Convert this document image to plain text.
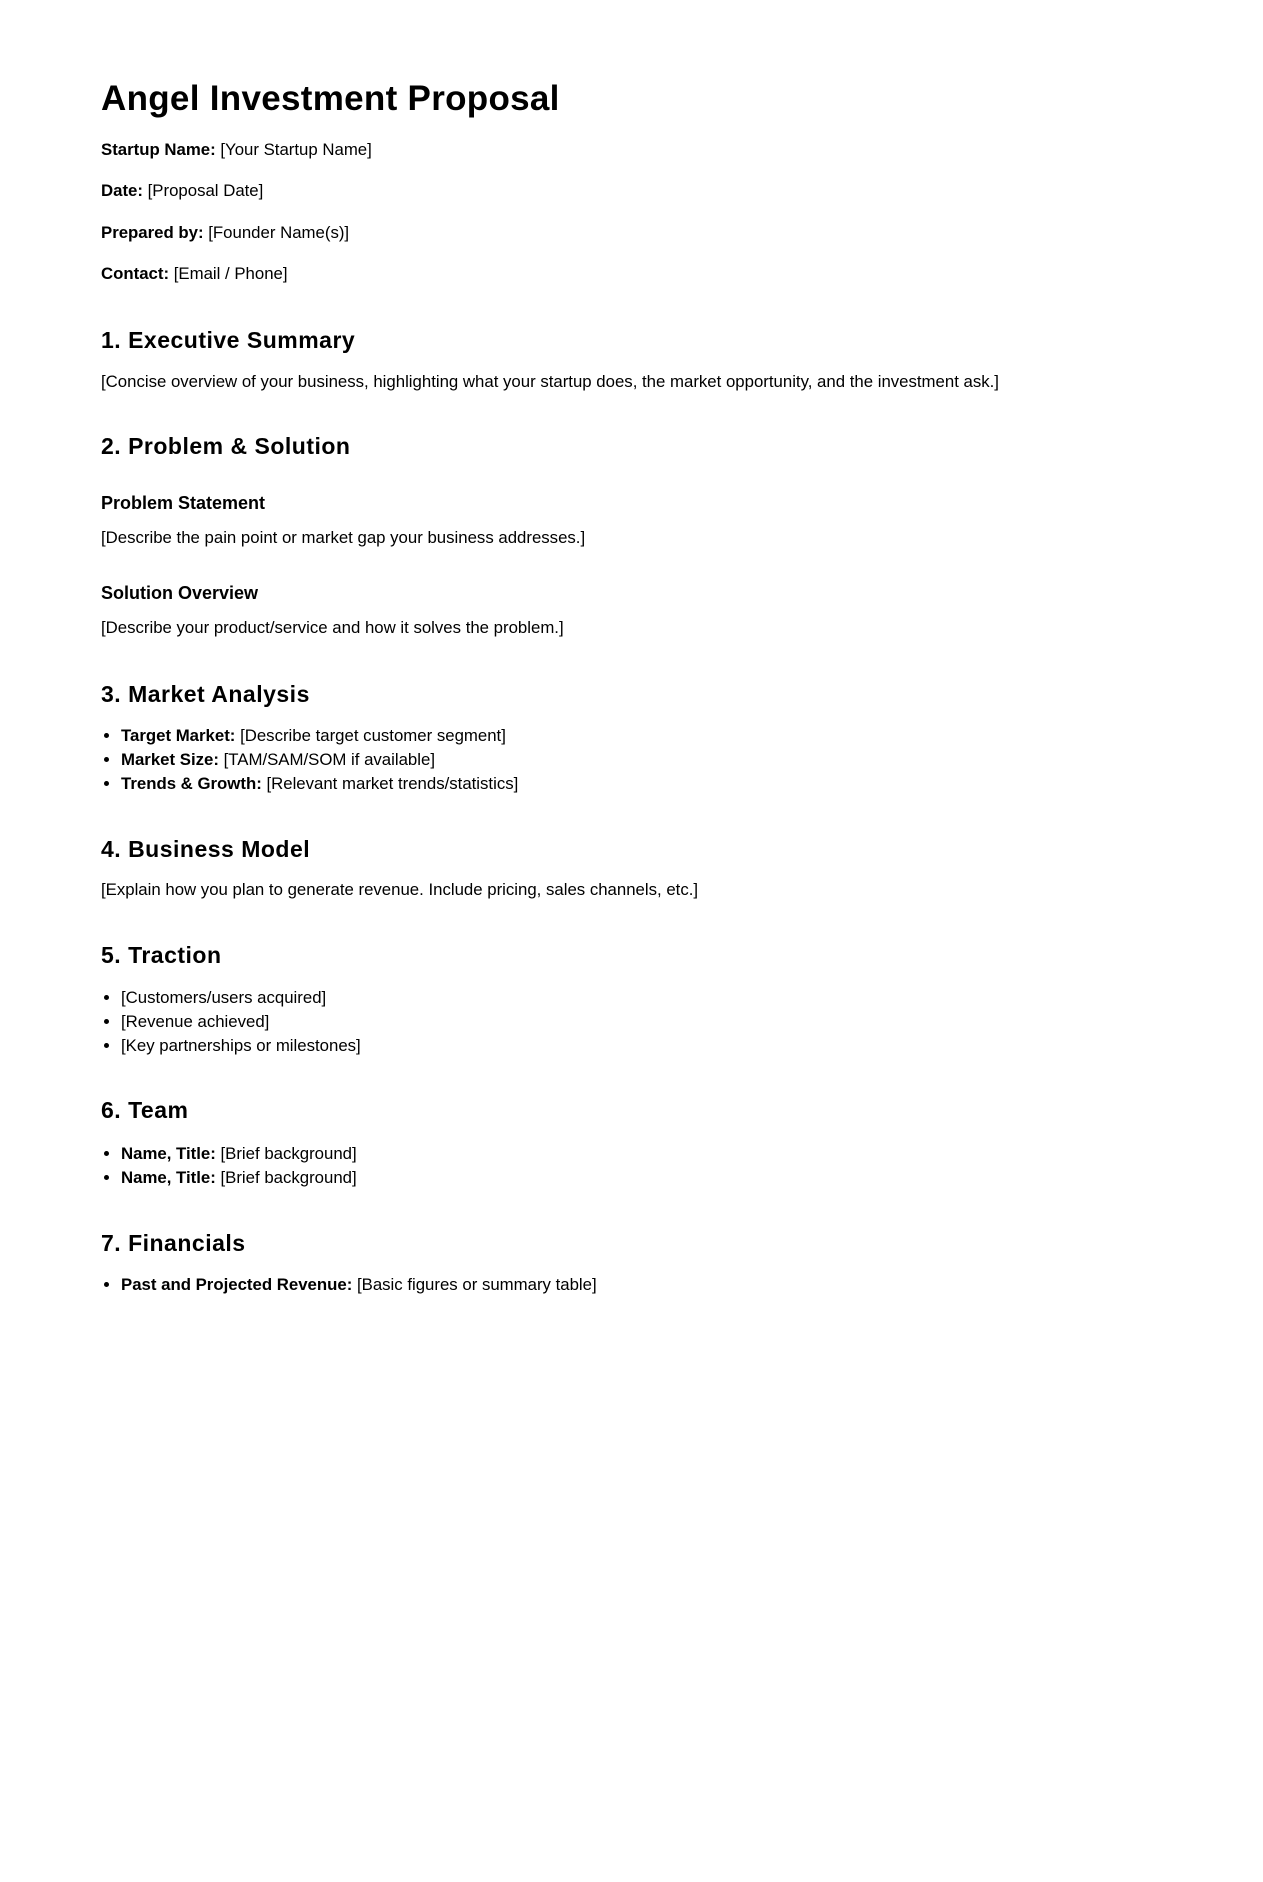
Angel Investment Proposal
Startup Name: [Your Startup Name]
Date: [Proposal Date]
Prepared by: [Founder Name(s)]
Contact: [Email / Phone]
1. Executive Summary

[Concise overview of your business, highlighting what your startup does, the market opportunity, and the investment ask.]

2. Problem & Solution
Problem Statement

[Describe the pain point or market gap your business addresses.]

Solution Overview

[Describe your product/service and how it solves the problem.]

3. Market Analysis
• Target Market: [Describe target customer segment]
• Market Size: [TAM/SAM/SOM if available]
• Trends & Growth: [Relevant market trends/statistics]
4. Business Model

[Explain how you plan to generate revenue. Include pricing, sales channels, etc.]

5. Traction
• [Customers/users acquired]
• [Revenue achieved]
• [Key partnerships or milestones]
6. Team
• Name, Title: [Brief background]
• Name, Title: [Brief background]
7. Financials
• Past and Projected Revenue: [Basic figures or summary table]
